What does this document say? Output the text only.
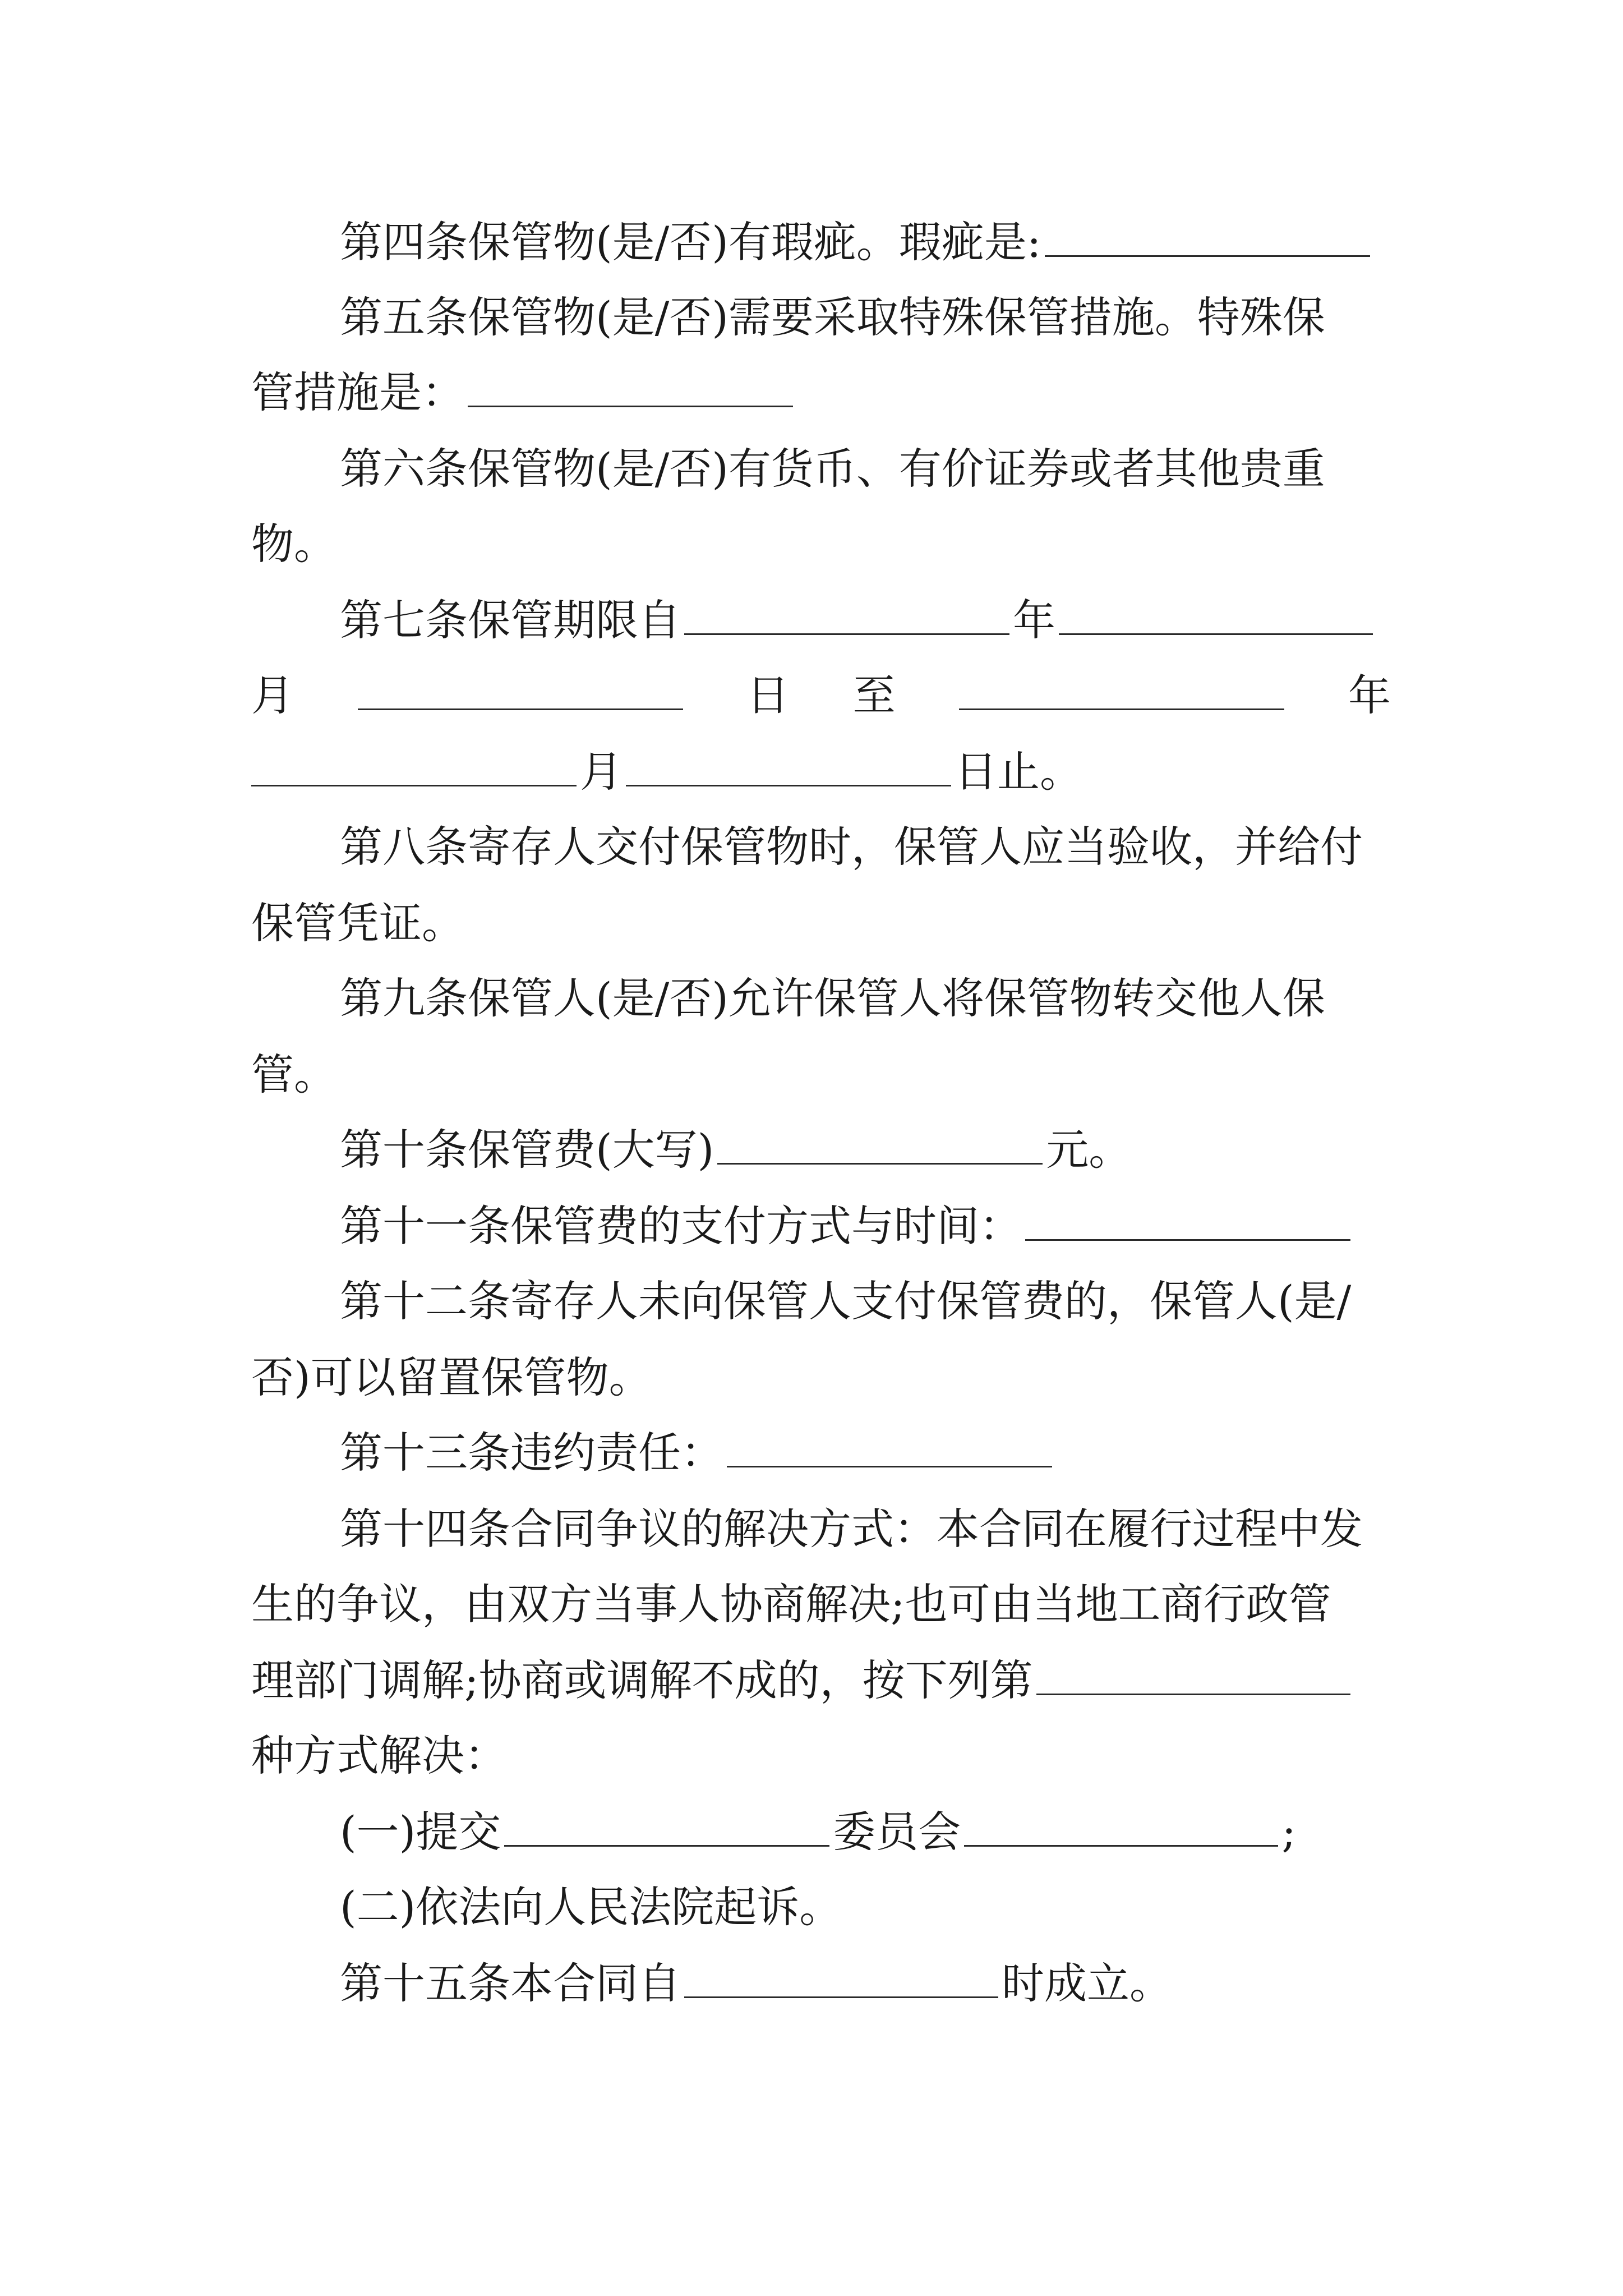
第四条保管物(是/否)有瑕疵。瑕疵是:
第五条保管物(是/否)需要采取特殊保管措施。特殊保
管措施是：
第六条保管物(是/否)有货币、有价证券或者其他贵重
物。
第七条保管期限自	年
月	日 至	年
月	日止。
第八条寄存人交付保管物时，保管人应当验收，并给付
保管凭证。
第九条保管人(是/否)允许保管人将保管物转交他人保
管。
第十条保管费(大写)	元。
第十一条保管费的支付方式与时间：
第十二条寄存人未向保管人支付保管费的，保管人(是/
否)可以留置保管物。
第十三条违约责任：
第十四条合同争议的解决方式：本合同在履行过程中发
生的争议，由双方当事人协商解决;也可由当地工商行政管
理部门调解;协商或调解不成的，按下列第
种方式解决：
(一)提交	委员会	;
(二)依法向人民法院起诉。
第十五条本合同自	时成立。
